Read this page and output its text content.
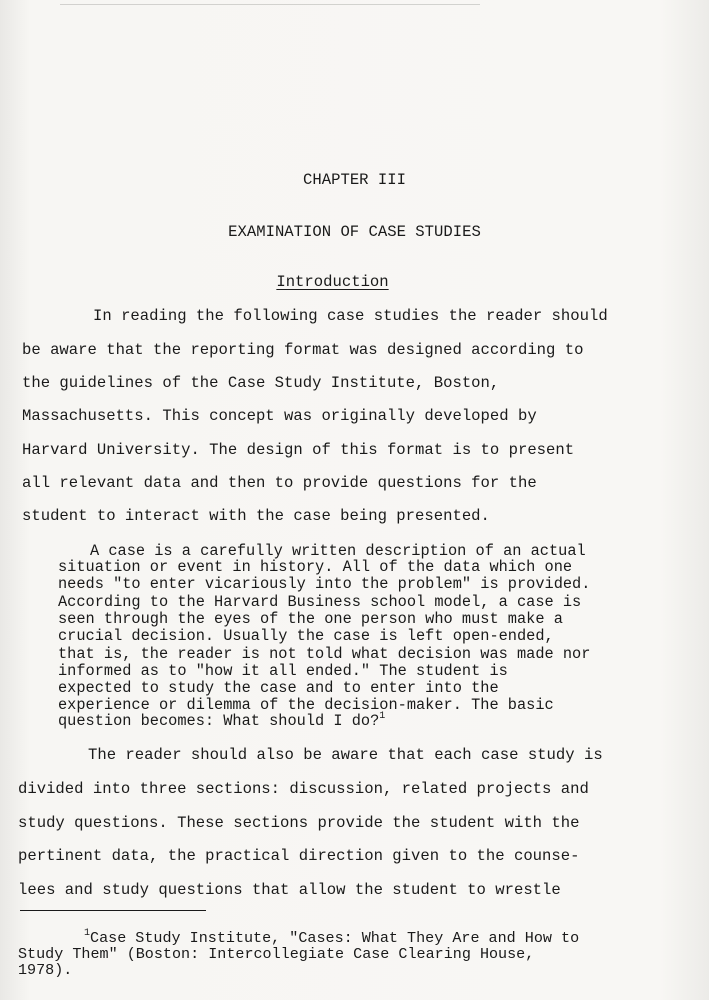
CHAPTER III
EXAMINATION OF CASE STUDIES
Introduction
In reading the following case studies the reader should
be aware that the reporting format was designed according to
the guidelines of the Case Study Institute, Boston,
Massachusetts. This concept was originally developed by
Harvard University. The design of this format is to present
all relevant data and then to provide questions for the
student to interact with the case being presented.
A case is a carefully written description of an actual
situation or event in history. All of the data which one
needs "to enter vicariously into the problem" is provided.
According to the Harvard Business school model, a case is
seen through the eyes of the one person who must make a
crucial decision. Usually the case is left open-ended,
that is, the reader is not told what decision was made nor
informed as to "how it all ended." The student is
expected to study the case and to enter into the
experience or dilemma of the decision-maker. The basic
question becomes: What should I do?$^1$
The reader should also be aware that each case study is
divided into three sections: discussion, related projects and
study questions. These sections provide the student with the
pertinent data, the practical direction given to the counse-
lees and study questions that allow the student to wrestle
$^1$Case Study Institute, "Cases: What They Are and How to
Study Them" (Boston: Intercollegiate Case Clearing House,
1978).
